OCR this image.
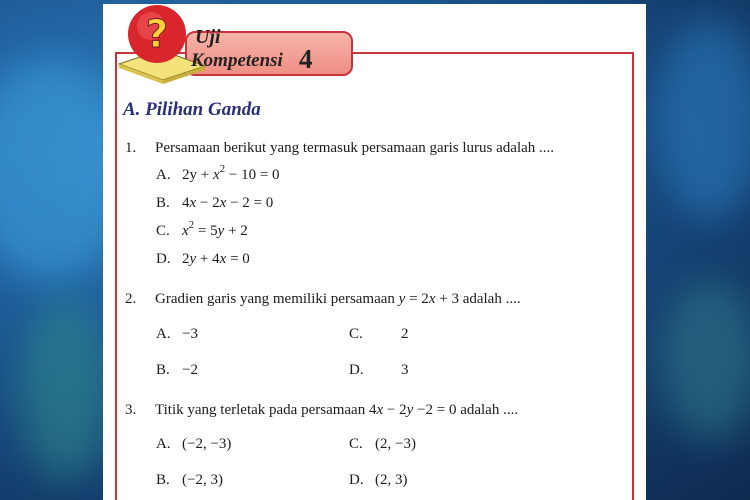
? Uji
Kompetensi 4
A. Pilihan Ganda
1. Persamaan berikut yang termasuk persamaan garis lurus adalah ....
A. $2y + x^2 - 10 = 0$
B. 4x − 2x − 2 = 0
C. $x^2 = 5y + 2$
D. 2y + 4x = 0
2. Gradien garis yang memiliki persamaan y = 2x + 3 adalah ....
A. −3	C.	2
B. −2	D. 3
3. Titik yang terletak pada persamaan 4x − 2y −2 = 0 adalah ....
A. (−2, −3)	C. (2, −3)
B. (−2, 3)	D. (2, 3)
